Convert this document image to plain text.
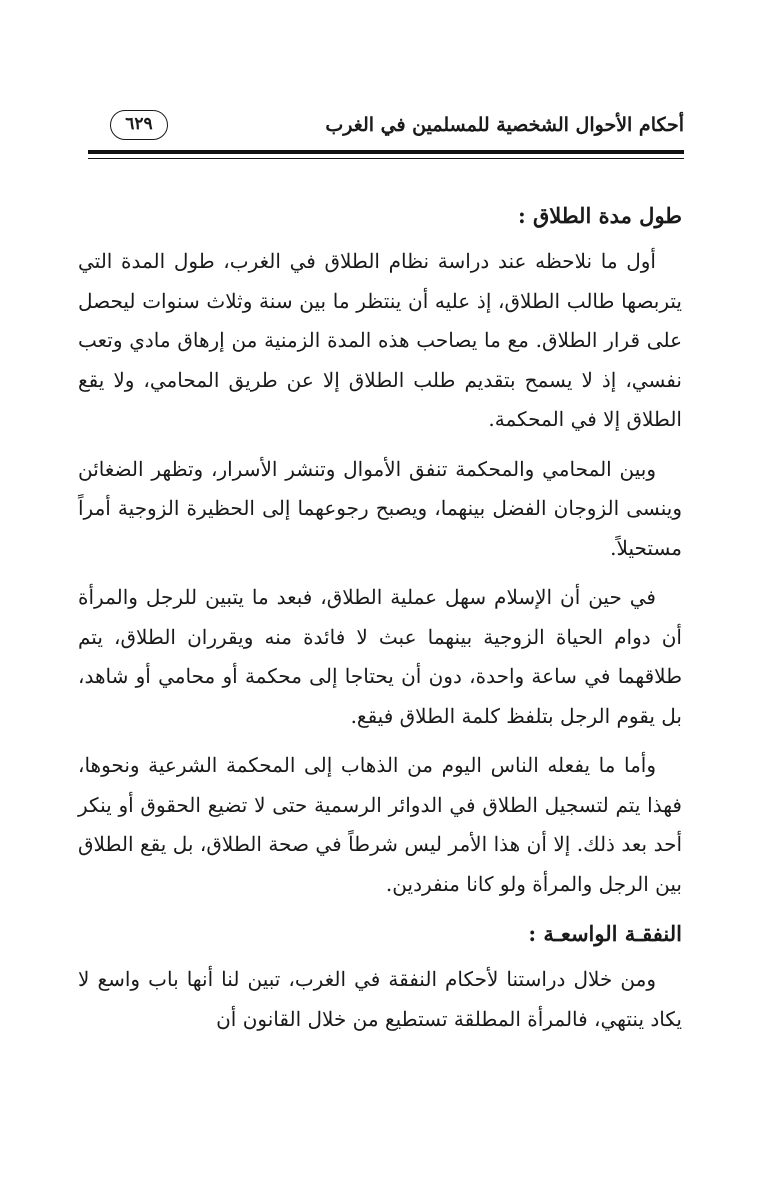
أحكام الأحوال الشخصية للمسلمين في الغرب
٦٢٩
طول مدة الطلاق :

أول ما نلاحظه عند دراسة نظام الطلاق في الغرب، طول المدة التي يتربصها طالب الطلاق، إذ عليه أن ينتظر ما بين سنة وثلاث سنوات ليحصل على قرار الطلاق. مع ما يصاحب هذه المدة الزمنية من إرهاق مادي وتعب نفسي، إذ لا يسمح بتقديم طلب الطلاق إلا عن طريق المحامي، ولا يقع الطلاق إلا في المحكمة.

وبين المحامي والمحكمة تنفق الأموال وتنشر الأسرار، وتظهر الضغائن وينسى الزوجان الفضل بينهما، ويصبح رجوعهما إلى الحظيرة الزوجية أمراً مستحيلاً.

في حين أن الإسلام سهل عملية الطلاق، فبعد ما يتبين للرجل والمرأة أن دوام الحياة الزوجية بينهما عبث لا فائدة منه ويقرران الطلاق، يتم طلاقهما في ساعة واحدة، دون أن يحتاجا إلى محكمة أو محامي أو شاهد، بل يقوم الرجل بتلفظ كلمة الطلاق فيقع.

وأما ما يفعله الناس اليوم من الذهاب إلى المحكمة الشرعية ونحوها، فهذا يتم لتسجيل الطلاق في الدوائر الرسمية حتى لا تضيع الحقوق أو ينكر أحد بعد ذلك. إلا أن هذا الأمر ليس شرطاً في صحة الطلاق، بل يقع الطلاق بين الرجل والمرأة ولو كانا منفردين.

النفقـة الواسعـة :

ومن خلال دراستنا لأحكام النفقة في الغرب، تبين لنا أنها باب واسع لا يكاد ينتهي، فالمرأة المطلقة تستطيع من خلال القانون أن
